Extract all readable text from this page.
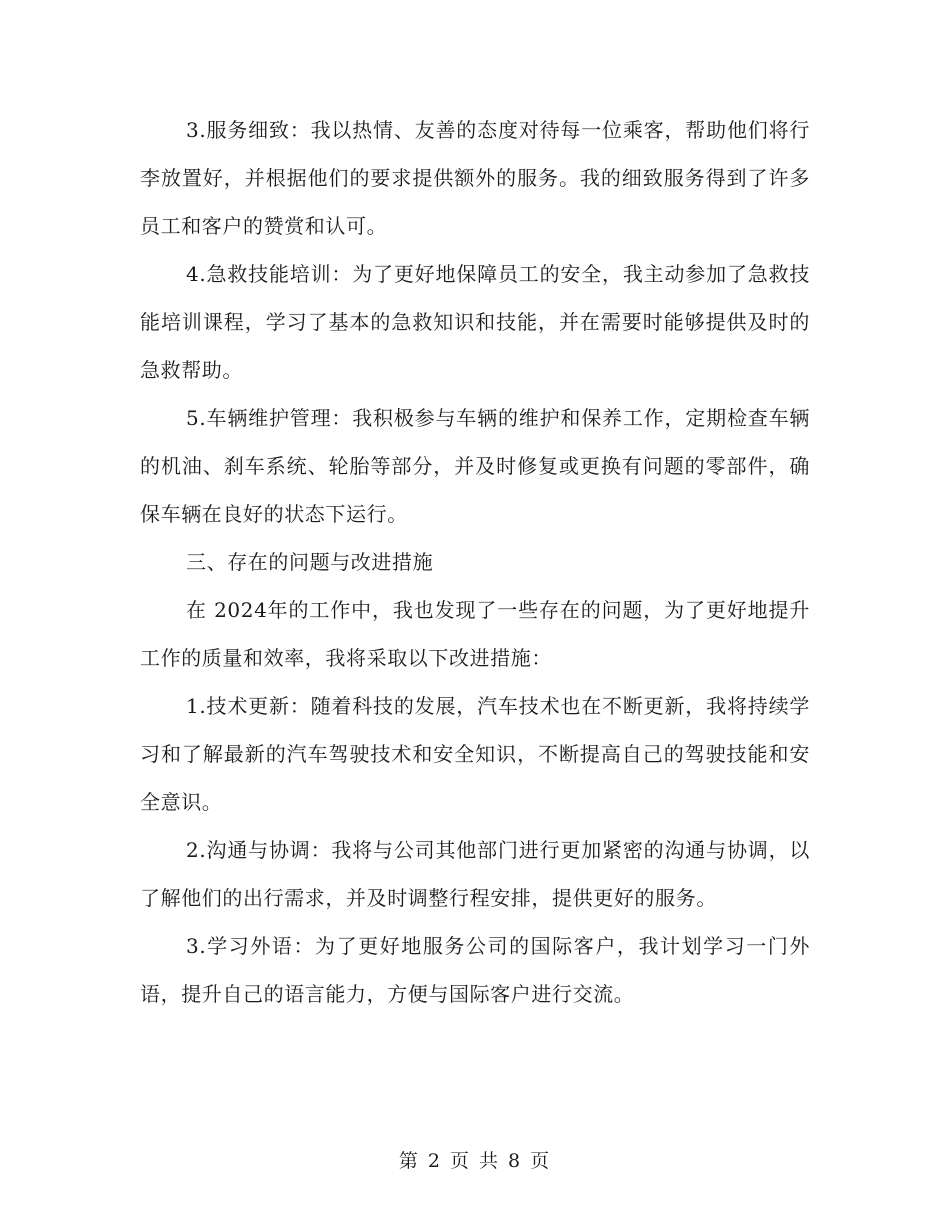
3.服务细致：我以热情、友善的态度对待每一位乘客，帮助他们将行李放置好，并根据他们的要求提供额外的服务。我的细致服务得到了许多员工和客户的赞赏和认可。

4.急救技能培训：为了更好地保障员工的安全，我主动参加了急救技能培训课程，学习了基本的急救知识和技能，并在需要时能够提供及时的急救帮助。

5.车辆维护管理：我积极参与车辆的维护和保养工作，定期检查车辆的机油、刹车系统、轮胎等部分，并及时修复或更换有问题的零部件，确保车辆在良好的状态下运行。

三、存在的问题与改进措施

在 2024年的工作中，我也发现了一些存在的问题，为了更好地提升工作的质量和效率，我将采取以下改进措施：

1.技术更新：随着科技的发展，汽车技术也在不断更新，我将持续学习和了解最新的汽车驾驶技术和安全知识，不断提高自己的驾驶技能和安全意识。

2.沟通与协调：我将与公司其他部门进行更加紧密的沟通与协调，以了解他们的出行需求，并及时调整行程安排，提供更好的服务。

3.学习外语：为了更好地服务公司的国际客户，我计划学习一门外语，提升自己的语言能力，方便与国际客户进行交流。

第 2 页 共 8 页
